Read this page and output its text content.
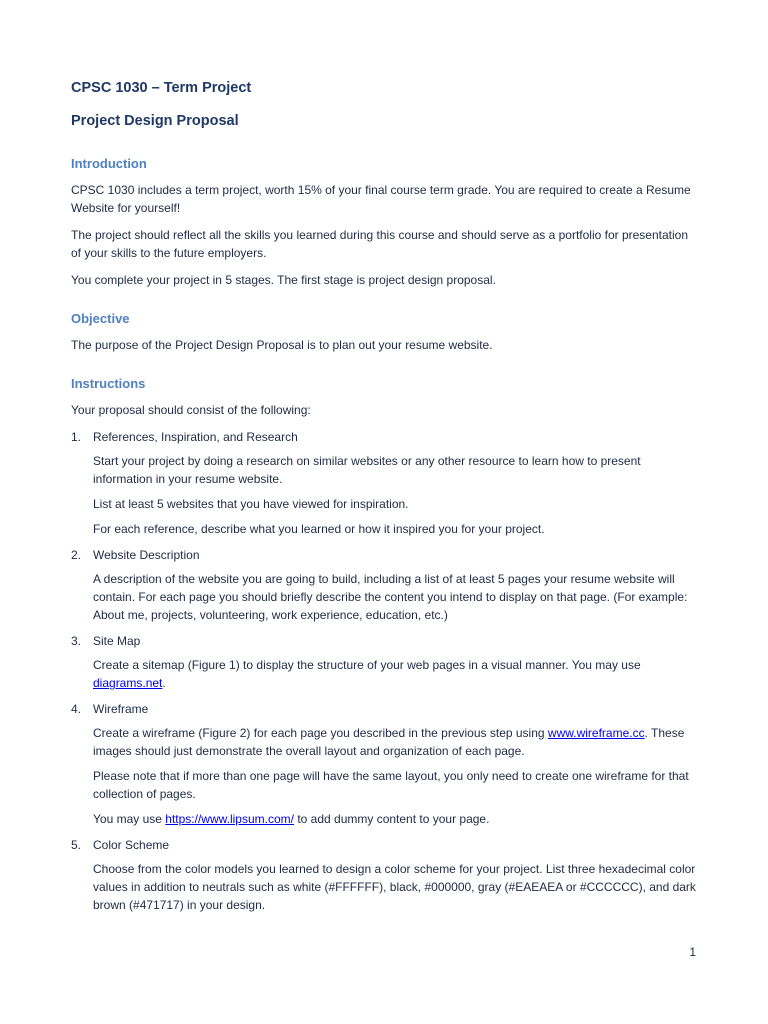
CPSC 1030 – Term Project
Project Design Proposal
Introduction

CPSC 1030 includes a term project, worth 15% of your final course term grade. You are required to create a Resume Website for yourself!

The project should reflect all the skills you learned during this course and should serve as a portfolio for presentation of your skills to the future employers.

You complete your project in 5 stages. The first stage is project design proposal.

Objective

The purpose of the Project Design Proposal is to plan out your resume website.

Instructions

Your proposal should consist of the following:

1. References, Inspiration, and Research

Start your project by doing a research on similar websites or any other resource to learn how to present information in your resume website.

List at least 5 websites that you have viewed for inspiration.

For each reference, describe what you learned or how it inspired you for your project.

2. Website Description

A description of the website you are going to build, including a list of at least 5 pages your resume website will contain. For each page you should briefly describe the content you intend to display on that page. (For example: About me, projects, volunteering, work experience, education, etc.)

3. Site Map

Create a sitemap (Figure 1) to display the structure of your web pages in a visual manner. You may use diagrams.net.

4. Wireframe

Create a wireframe (Figure 2) for each page you described in the previous step using www.wireframe.cc. These images should just demonstrate the overall layout and organization of each page.

Please note that if more than one page will have the same layout, you only need to create one wireframe for that collection of pages.

You may use https://www.lipsum.com/ to add dummy content to your page.

5. Color Scheme

Choose from the color models you learned to design a color scheme for your project. List three hexadecimal color values in addition to neutrals such as white (#FFFFFF), black, #000000, gray (#EAEAEA or #CCCCCC), and dark brown (#471717) in your design.

1
